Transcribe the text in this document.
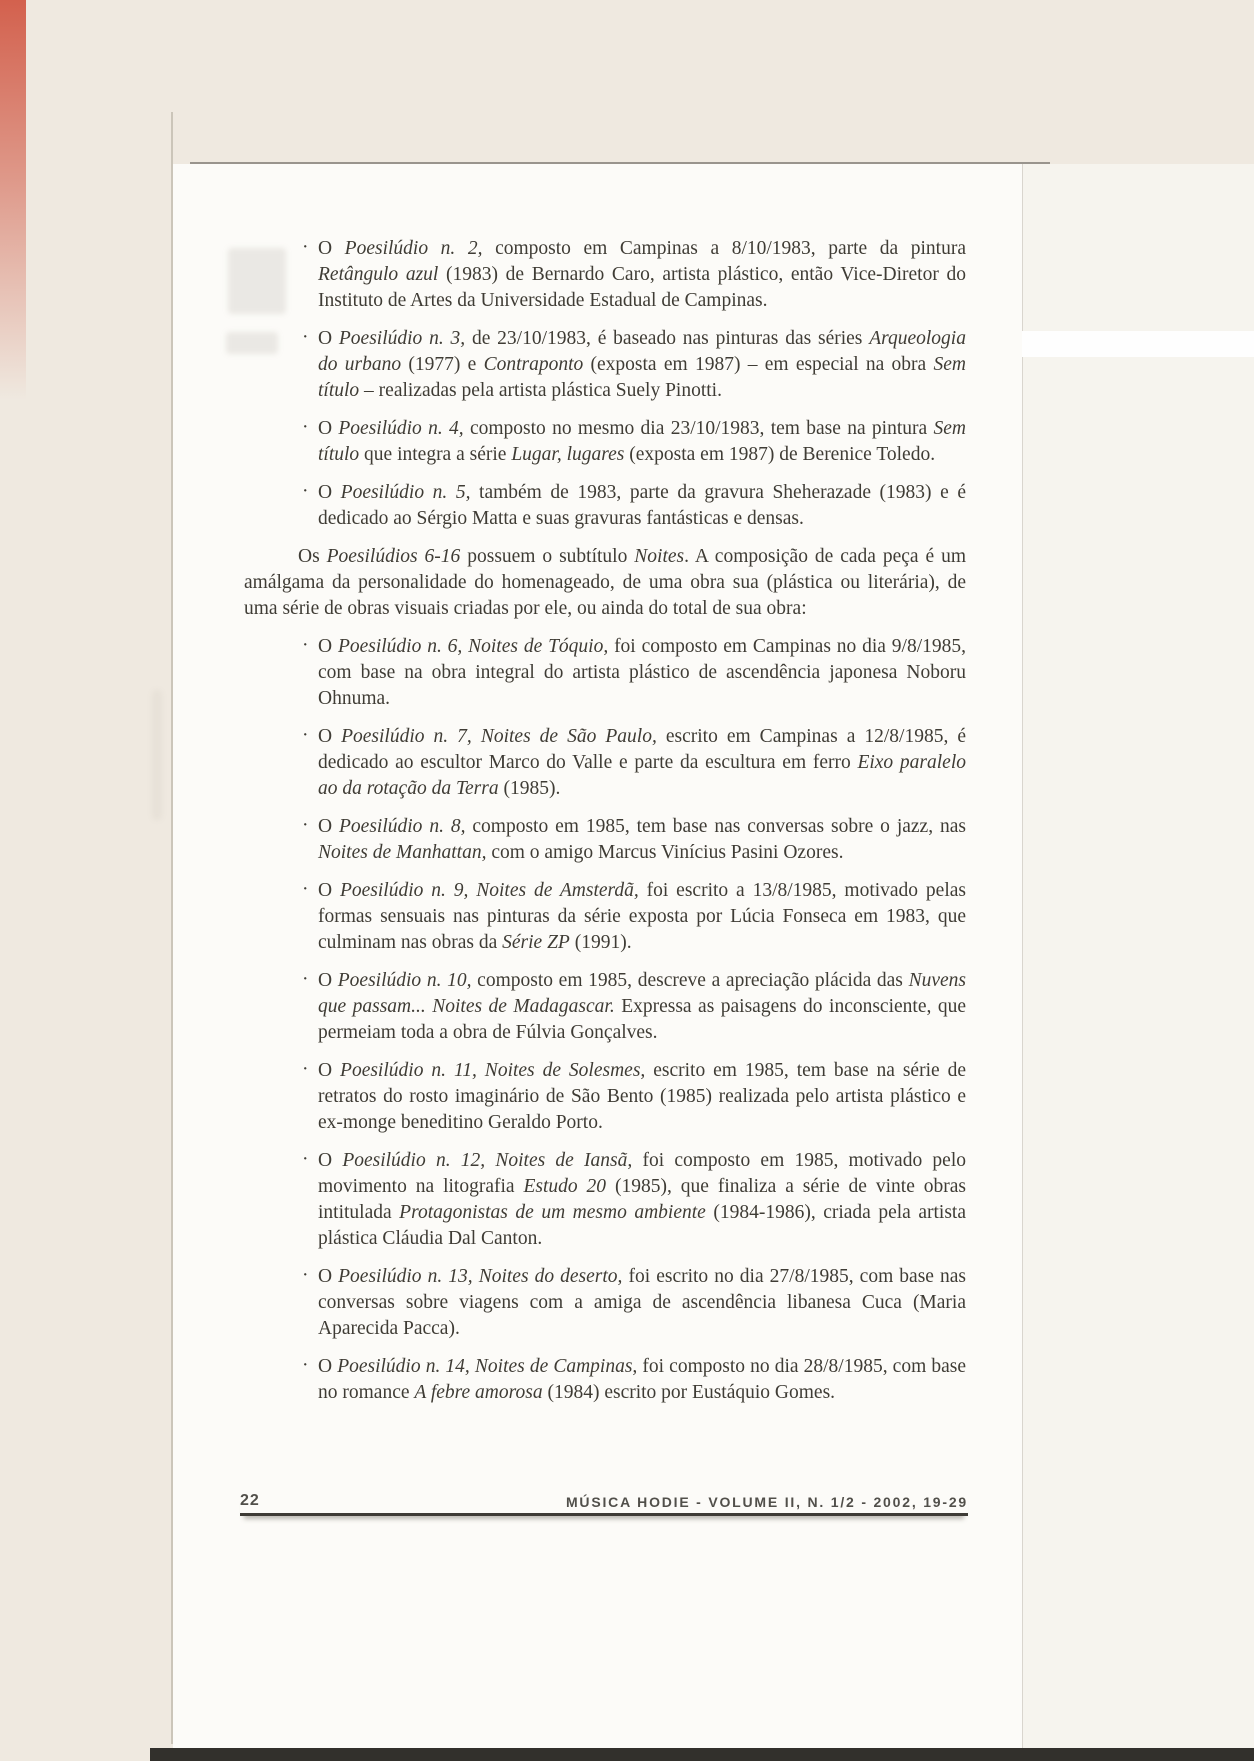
· O Poesilúdio n. 2, composto em Campinas a 8/10/1983, parte da pintura Retângulo azul (1983) de Bernardo Caro, artista plástico, então Vice-Diretor do Instituto de Artes da Universidade Estadual de Campinas.
· O Poesilúdio n. 3, de 23/10/1983, é baseado nas pinturas das séries Arqueologia do urbano (1977) e Contraponto (exposta em 1987) – em especial na obra Sem título – realizadas pela artista plástica Suely Pinotti.
· O Poesilúdio n. 4, composto no mesmo dia 23/10/1983, tem base na pintura Sem título que integra a série Lugar, lugares (exposta em 1987) de Berenice Toledo.
· O Poesilúdio n. 5, também de 1983, parte da gravura Sheherazade (1983) e é dedicado ao Sérgio Matta e suas gravuras fantásticas e densas.

Os Poesilúdios 6-16 possuem o subtítulo Noites. A composição de cada peça é um amálgama da personalidade do homenageado, de uma obra sua (plástica ou literária), de uma série de obras visuais criadas por ele, ou ainda do total de sua obra:

· O Poesilúdio n. 6, Noites de Tóquio, foi composto em Campinas no dia 9/8/1985, com base na obra integral do artista plástico de ascendência japonesa Noboru Ohnuma.
· O Poesilúdio n. 7, Noites de São Paulo, escrito em Campinas a 12/8/1985, é dedicado ao escultor Marco do Valle e parte da escultura em ferro Eixo paralelo ao da rotação da Terra (1985).
· O Poesilúdio n. 8, composto em 1985, tem base nas conversas sobre o jazz, nas Noites de Manhattan, com o amigo Marcus Vinícius Pasini Ozores.
· O Poesilúdio n. 9, Noites de Amsterdã, foi escrito a 13/8/1985, motivado pelas formas sensuais nas pinturas da série exposta por Lúcia Fonseca em 1983, que culminam nas obras da Série ZP (1991).
· O Poesilúdio n. 10, composto em 1985, descreve a apreciação plácida das Nuvens que passam... Noites de Madagascar. Expressa as paisagens do inconsciente, que permeiam toda a obra de Fúlvia Gonçalves.
· O Poesilúdio n. 11, Noites de Solesmes, escrito em 1985, tem base na série de retratos do rosto imaginário de São Bento (1985) realizada pelo artista plástico e ex-monge beneditino Geraldo Porto.
· O Poesilúdio n. 12, Noites de Iansã, foi composto em 1985, motivado pelo movimento na litografia Estudo 20 (1985), que finaliza a série de vinte obras intitulada Protagonistas de um mesmo ambiente (1984-1986), criada pela artista plástica Cláudia Dal Canton.
· O Poesilúdio n. 13, Noites do deserto, foi escrito no dia 27/8/1985, com base nas conversas sobre viagens com a amiga de ascendência libanesa Cuca (Maria Aparecida Pacca).
· O Poesilúdio n. 14, Noites de Campinas, foi composto no dia 28/8/1985, com base no romance A febre amorosa (1984) escrito por Eustáquio Gomes.
22	MÚSICA HODIE - VOLUME II, N. 1/2 - 2002, 19-29
